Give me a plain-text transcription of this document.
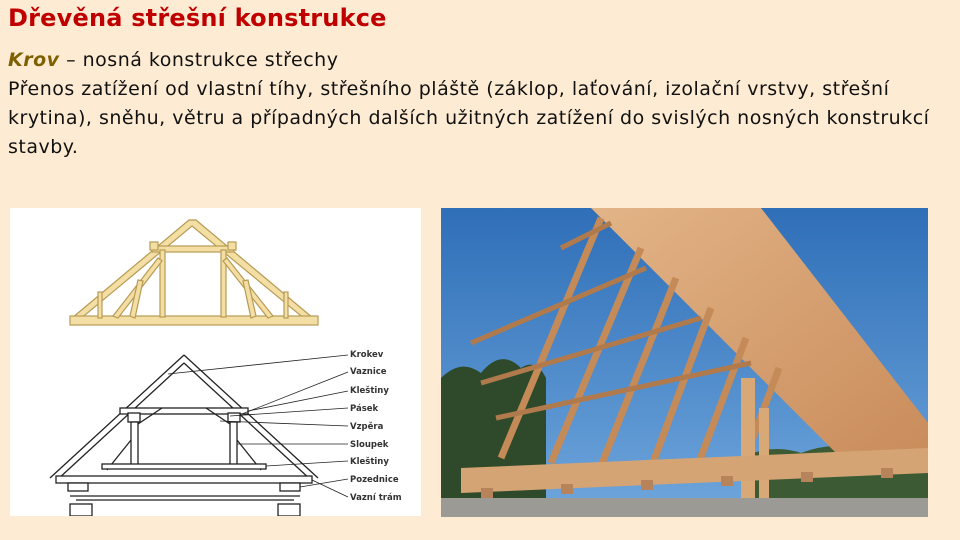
Dřevěná střešní konstrukce

Krov – nosná konstrukce střechy

Přenos zatížení od vlastní tíhy, střešního pláště (záklop, laťování, izolační vrstvy, střešní krytina), sněhu, větru a případných dalších užitných zatížení do svislých nosných konstrukcí stavby.

Krokev
Vaznice
Kleštiny
Pásek
Vzpěra
Sloupek
Kleštiny
Pozednice
Vazní trám
